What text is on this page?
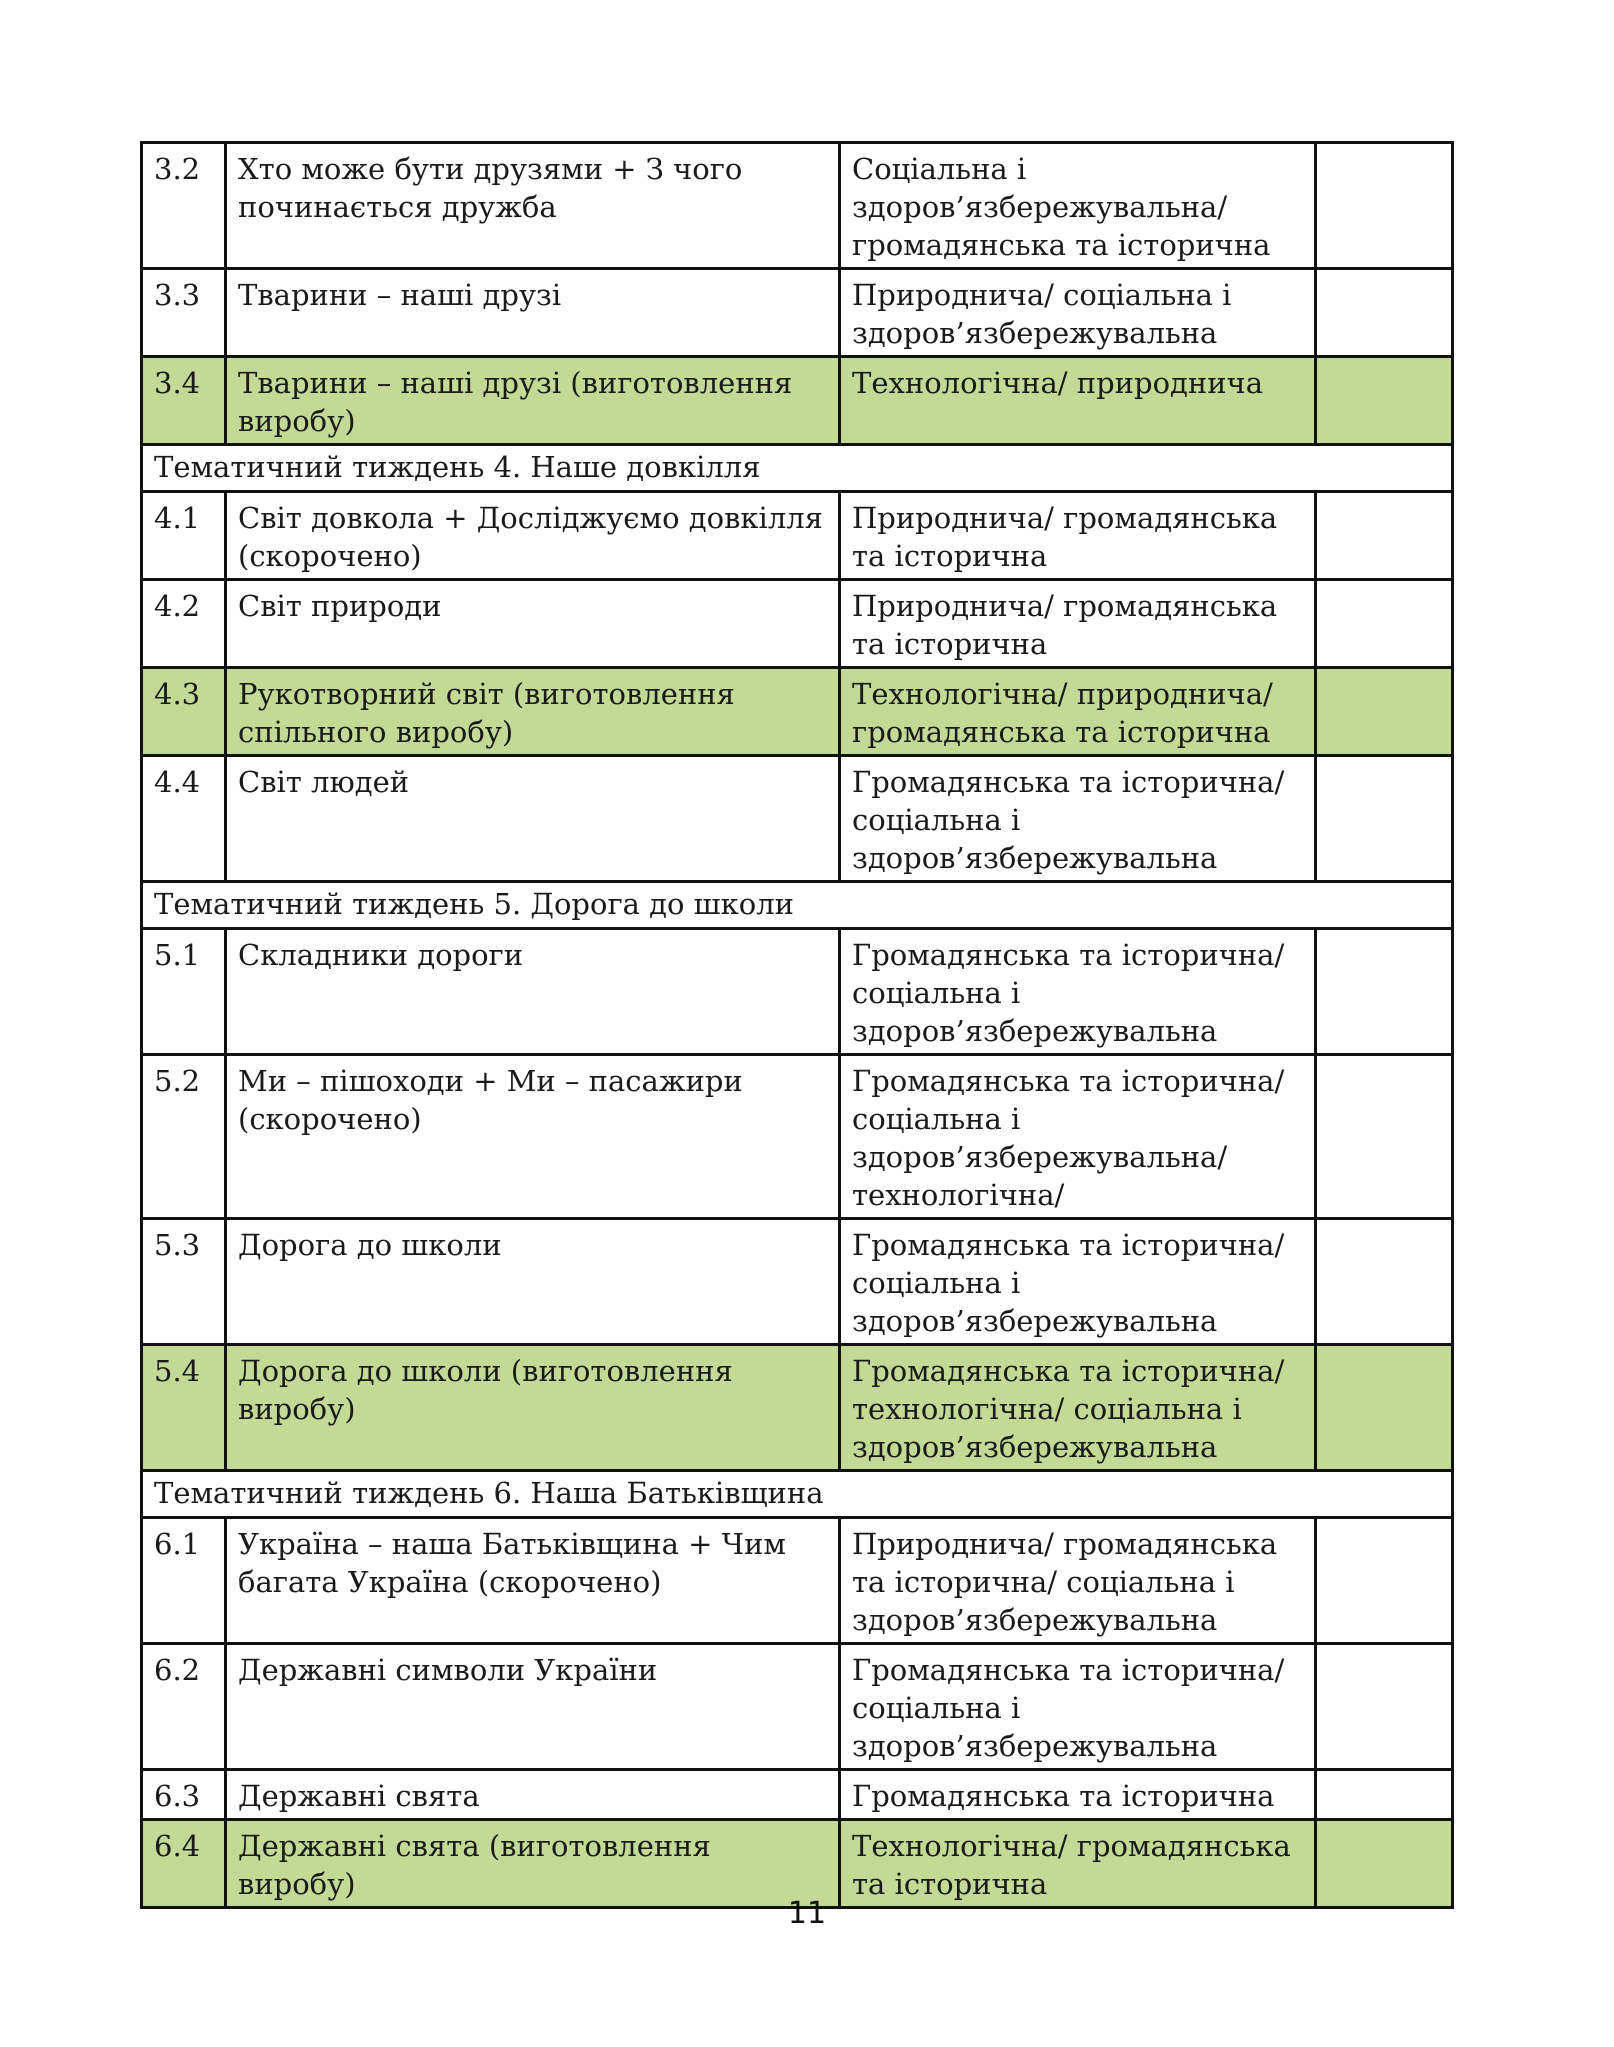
3.2	Хто може бути друзями + З чого починається дружба	Соціальна і здоров’язбережувальна/ громадянська та історична	
3.3	Тварини – наші друзі	Природнича/ соціальна і здоров’язбережувальна	
3.4	Тварини – наші друзі (виготовлення виробу)	Технологічна/ природнича	
Тематичний тиждень 4. Наше довкілля			
4.1	Світ довкола + Досліджуємо довкілля (скорочено)	Природнича/ громадянська та історична	
4.2	Світ природи	Природнича/ громадянська та історична	
4.3	Рукотворний світ (виготовлення спільного виробу)	Технологічна/ природнича/ громадянська та історична	
4.4	Світ людей	Громадянська та історична/ соціальна і здоров’язбережувальна	
Тематичний тиждень 5. Дорога до школи			
5.1	Складники дороги	Громадянська та історична/ соціальна і здоров’язбережувальна	
5.2	Ми – пішоходи + Ми – пасажири (скорочено)	Громадянська та історична/ соціальна і здоров’язбережувальна/ технологічна/	
5.3	Дорога до школи	Громадянська та історична/ соціальна і здоров’язбережувальна	
5.4	Дорога до школи (виготовлення виробу)	Громадянська та історична/ технологічна/ соціальна і здоров’язбережувальна	
Тематичний тиждень 6. Наша Батьківщина			
6.1	Україна – наша Батьківщина + Чим багата Україна (скорочено)	Природнича/ громадянська та історична/ соціальна і здоров’язбережувальна	
6.2	Державні символи України	Громадянська та історична/ соціальна і здоров’язбережувальна	
6.3	Державні свята	Громадянська та історична	
6.4	Державні свята (виготовлення виробу)	Технологічна/ громадянська та історична	
11
